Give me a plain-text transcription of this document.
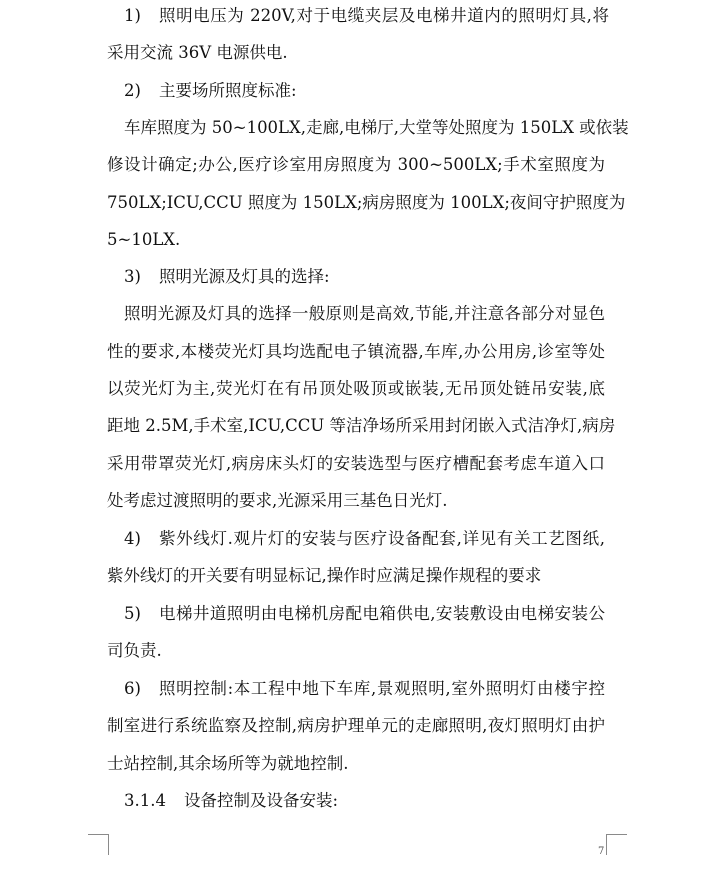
1) 照明电压为 220V,对于电缆夹层及电梯井道内的照明灯具,将
采用交流 36V 电源供电.
2)	主要场所照度标准:
车库照度为 50~100LX,走廊,电梯厅,大堂等处照度为 150LX 或依装
修设计确定;办公,医疗诊室用房照度为 300~500LX;手术室照度为
750LX;ICU,CCU 照度为 150LX;病房照度为 100LX;夜间守护照度为
5~10LX.
3)	照明光源及灯具的选择:
照明光源及灯具的选择一般原则是高效,节能,并注意各部分对显色
性的要求,本楼荧光灯具均选配电子镇流器,车库,办公用房,诊室等处
以荧光灯为主,荧光灯在有吊顶处吸顶或嵌装,无吊顶处链吊安装,底
距地 2.5M,手术室,ICU,CCU 等洁净场所采用封闭嵌入式洁净灯,病房
采用带罩荧光灯,病房床头灯的安装选型与医疗槽配套考虑车道入口
处考虑过渡照明的要求,光源采用三基色日光灯.
4)	紫外线灯.观片灯的安装与医疗设备配套,详见有关工艺图纸,
紫外线灯的开关要有明显标记,操作时应满足操作规程的要求
5)	电梯井道照明由电梯机房配电箱供电,安装敷设由电梯安装公
司负责.
6)	照明控制:本工程中地下车库,景观照明,室外照明灯由楼宇控
制室进行系统监察及控制,病房护理单元的走廊照明,夜灯照明灯由护
士站控制,其余场所等为就地控制.
3.1.4	设备控制及设备安装:
7
